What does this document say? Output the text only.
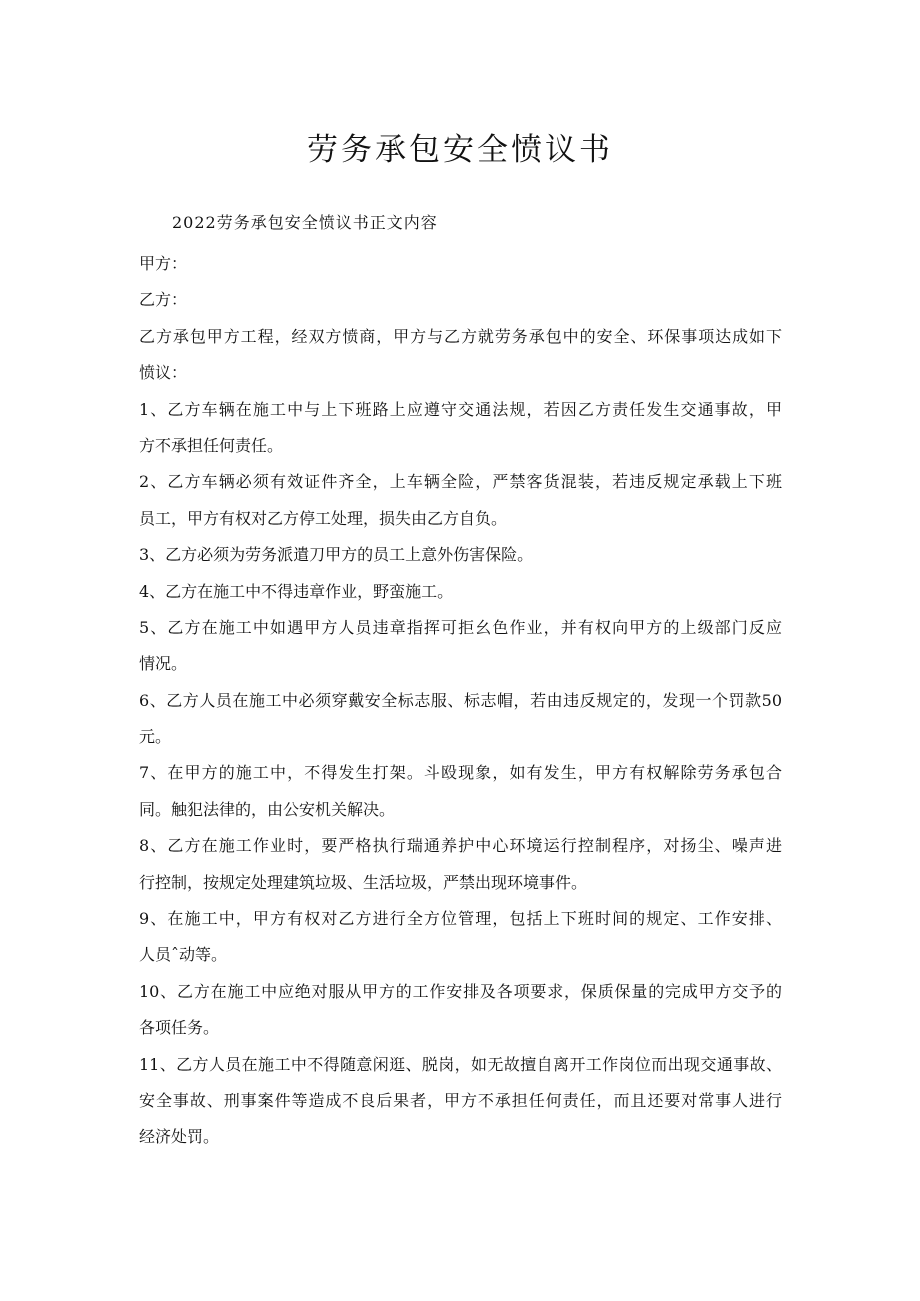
劳务承包安全愤议书
2022劳务承包安全愤议书正文内容
甲方：
乙方：
乙方承包甲方工程，经双方愤商，甲方与乙方就劳务承包中的安全、环保事项达成如下
愤议：
1、乙方车辆在施工中与上下班路上应遵守交通法规，若因乙方责任发生交通事故，甲
方不承担任何责任。
2、乙方车辆必须有效证件齐全，上车辆全险，严禁客货混装，若违反规定承载上下班
员工，甲方有权对乙方停工处理，损失由乙方自负。
3、乙方必须为劳务派遣刀甲方的员工上意外伤害保险。
4、乙方在施工中不得违章作业，野蛮施工。
5、乙方在施工中如遇甲方人员违章指挥可拒幺色作业，并有权向甲方的上级部门反应
情况。
6、乙方人员在施工中必须穿戴安全标志服、标志帽，若由违反规定的，发现一个罚款50
元。
7、在甲方的施工中，不得发生打架。斗殴现象，如有发生，甲方有权解除劳务承包合
同。触犯法律的，由公安机关解决。
8、乙方在施工作业时，要严格执行瑞通养护中心环境运行控制程序，对扬尘、噪声进
行控制，按规定处理建筑垃圾、生活垃圾，严禁出现环境事件。
9、在施工中，甲方有权对乙方进行全方位管理，包括上下班时间的规定、工作安排、
人员ˆ动等。
10、乙方在施工中应绝对服从甲方的工作安排及各项要求，保质保量的完成甲方交予的
各项任务。
11、乙方人员在施工中不得随意闲逛、脱岗，如无故擅自离开工作岗位而出现交通事故、
安全事故、刑事案件等造成不良后果者，甲方不承担任何责任，而且还要对常事人进行
经济处罚。
